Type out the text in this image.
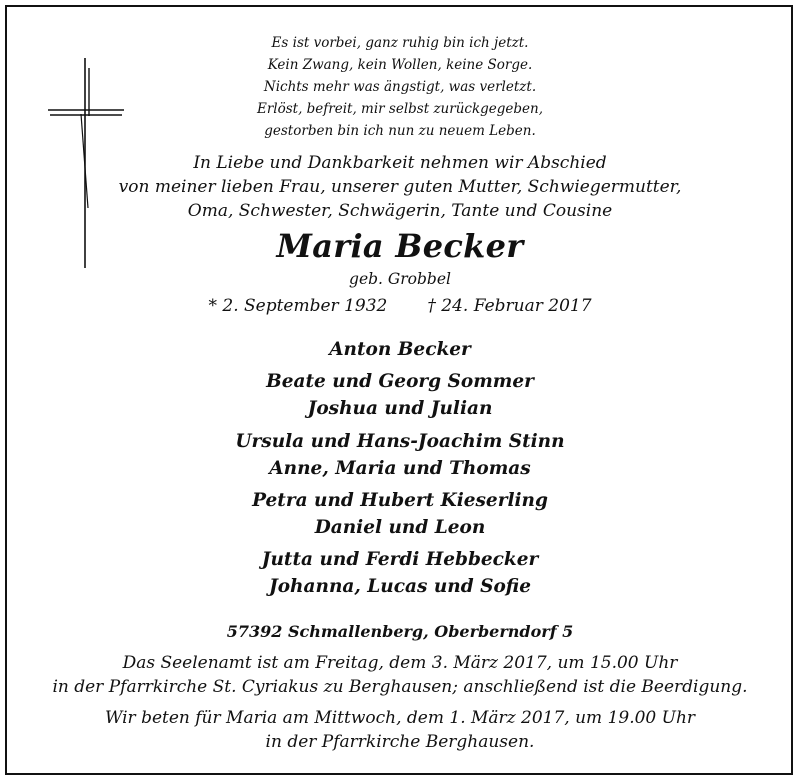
Es ist vorbei, ganz ruhig bin ich jetzt.
Kein Zwang, kein Wollen, keine Sorge.
Nichts mehr was ängstigt, was verletzt.
Erlöst, befreit, mir selbst zurückgegeben,
gestorben bin ich nun zu neuem Leben.
In Liebe und Dankbarkeit nehmen wir Abschied
von meiner lieben Frau, unserer guten Mutter, Schwiegermutter,
Oma, Schwester, Schwägerin, Tante und Cousine
Maria Becker
geb. Grobbel
* 2. September 1932 † 24. Februar 2017
Anton Becker
Beate und Georg Sommer
Joshua und Julian
Ursula und Hans-Joachim Stinn
Anne, Maria und Thomas
Petra und Hubert Kieserling
Daniel und Leon
Jutta und Ferdi Hebbecker
Johanna, Lucas und Sofie
57392 Schmallenberg, Oberberndorf 5
Das Seelenamt ist am Freitag, dem 3. März 2017, um 15.00 Uhr
in der Pfarrkirche St. Cyriakus zu Berghausen; anschließend ist die Beerdigung.
Wir beten für Maria am Mittwoch, dem 1. März 2017, um 19.00 Uhr
in der Pfarrkirche Berghausen.
